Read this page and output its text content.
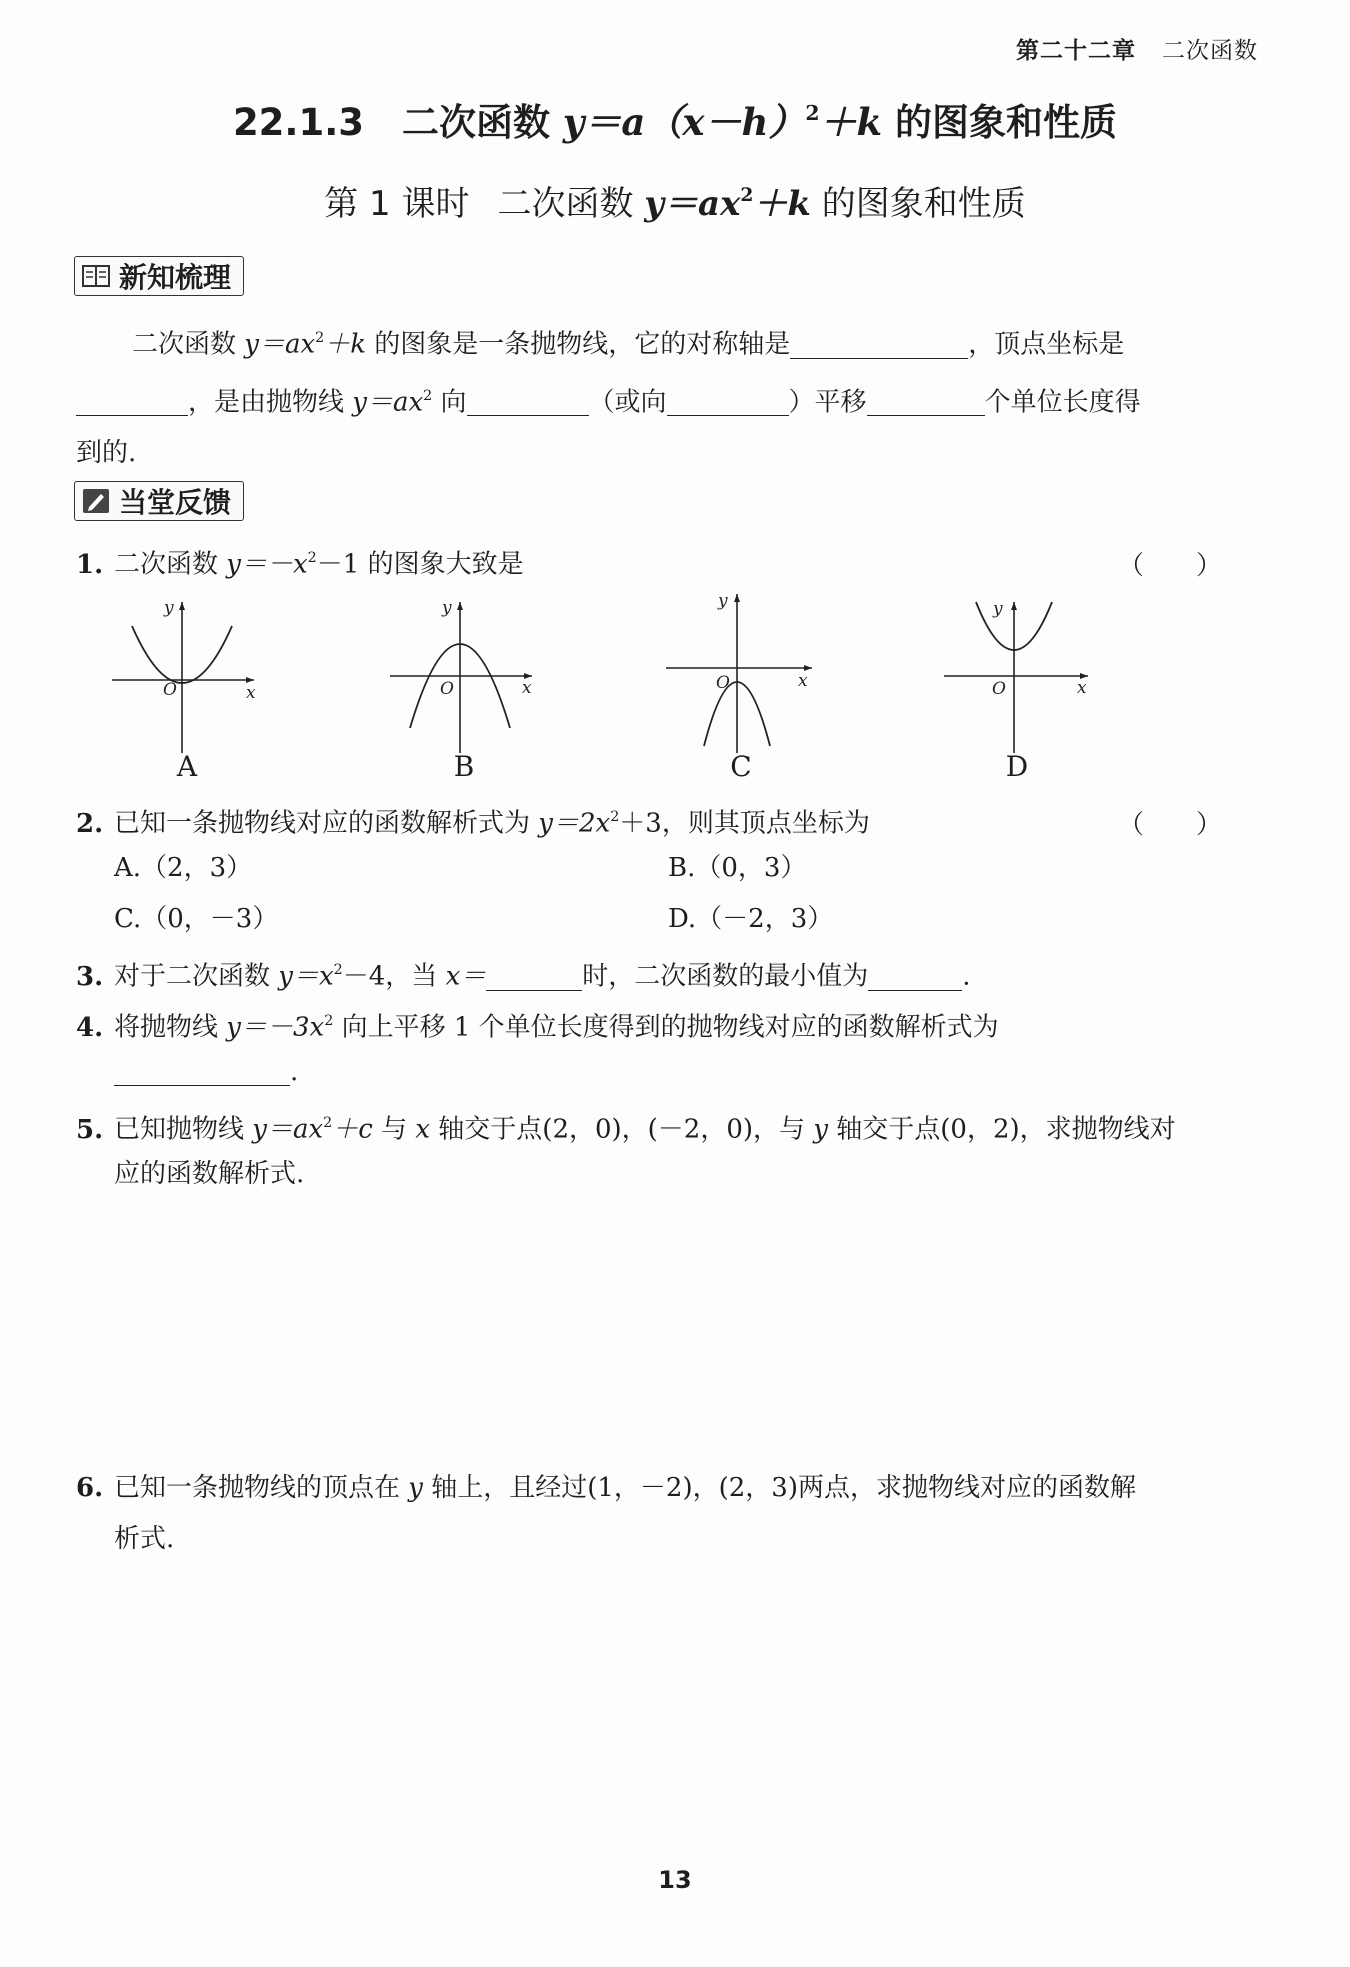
第二十二章 二次函数
22.1.3 二次函数 $y=a(x-h)^2+k$ 的图象和性质
第 1 课时 二次函数 $y=ax^2+k$ 的图象和性质
新知梳理
二次函数 $y=ax^2+k$ 的图象是一条抛物线，它的对称轴是	，顶点坐标是
，是由抛物线 $y=ax^2$ 向	（或向	）平移	个单位长度得
到的.
当堂反馈
1. 二次函数 $y=-x^2-1$ 的图象大致是	（　　）
x
y
O	x
y
O	x
y
O	x
y
O
A	B	C	D
2. 已知一条抛物线对应的函数解析式为 $y=2x^2+3$，则其顶点坐标为	（　　）
A.（2，3）	B.（0，3）
C.（0，－3）	D.（－2，3）
3. 对于二次函数 $y=x^2-4$，当 x＝	时，二次函数的最小值为	.
4. 将抛物线 $y=-3x^2$ 向上平移 1 个单位长度得到的抛物线对应的函数解析式为
.
5. 已知抛物线 $y=ax^2+c$ 与 x 轴交于点(2，0)，(－2，0)，与 y 轴交于点(0，2)，求抛物线对
应的函数解析式.
6. 已知一条抛物线的顶点在 y 轴上，且经过(1，－2)，(2，3)两点，求抛物线对应的函数解
析式.
13
